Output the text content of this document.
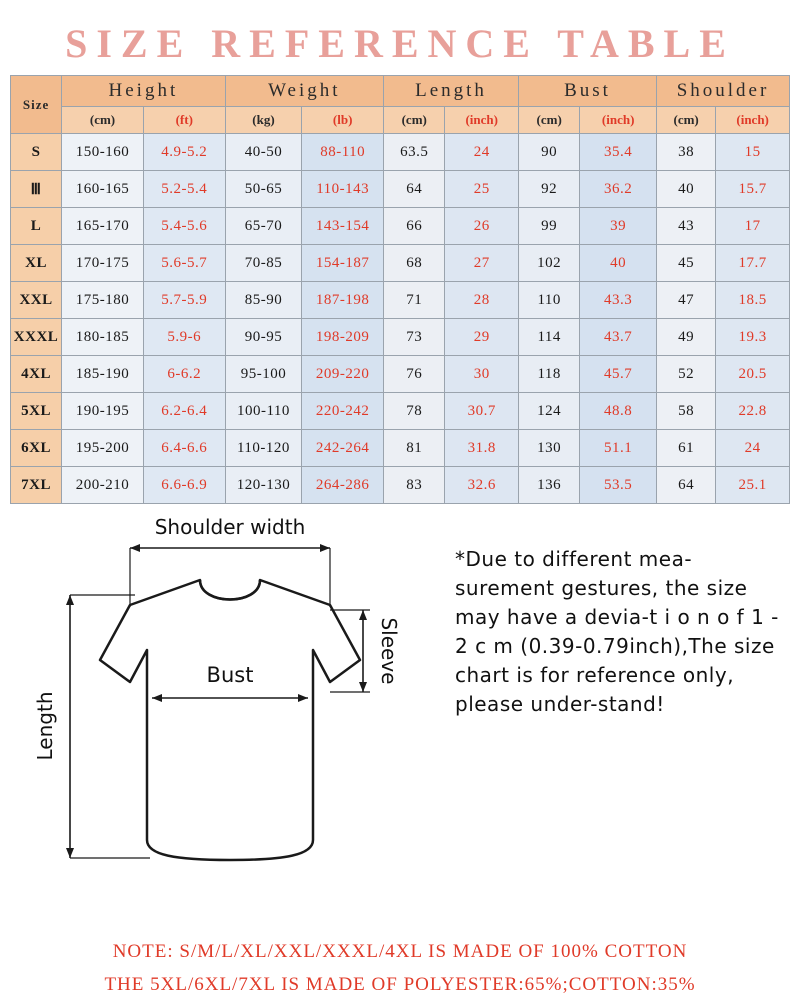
SIZE REFERENCE TABLE
Size	Height		Weight		Length		Bust		Shoulder	
	(cm)	(ft)	(kg)	(lb)	(cm)	(inch)	(cm)	(inch)	(cm)	(inch)
S	150-160	4.9-5.2	40-50	88-110	63.5	24	90	35.4	38	15
Ⅲ	160-165	5.2-5.4	50-65	110-143	64	25	92	36.2	40	15.7
L	165-170	5.4-5.6	65-70	143-154	66	26	99	39	43	17
XL	170-175	5.6-5.7	70-85	154-187	68	27	102	40	45	17.7
XXL	175-180	5.7-5.9	85-90	187-198	71	28	110	43.3	47	18.5
XXXL	180-185	5.9-6	90-95	198-209	73	29	114	43.7	49	19.3
4XL	185-190	6-6.2	95-100	209-220	76	30	118	45.7	52	20.5
5XL	190-195	6.2-6.4	100-110	220-242	78	30.7	124	48.8	58	22.8
6XL	195-200	6.4-6.6	110-120	242-264	81	31.8	130	51.1	61	24
7XL	200-210	6.6-6.9	120-130	264-286	83	32.6	136	53.5	64	25.1
Shoulder width
Bust	Sleeve
Length

*Due to different mea-surement gestures, the size may have a devia-t i o n o f 1 - 2 c m (0.39-0.79inch),The size chart is for reference only, please under-stand!

NOTE: S/M/L/XL/XXL/XXXL/4XL IS MADE OF 100% COTTON
THE 5XL/6XL/7XL IS MADE OF POLYESTER:65%;COTTON:35%
